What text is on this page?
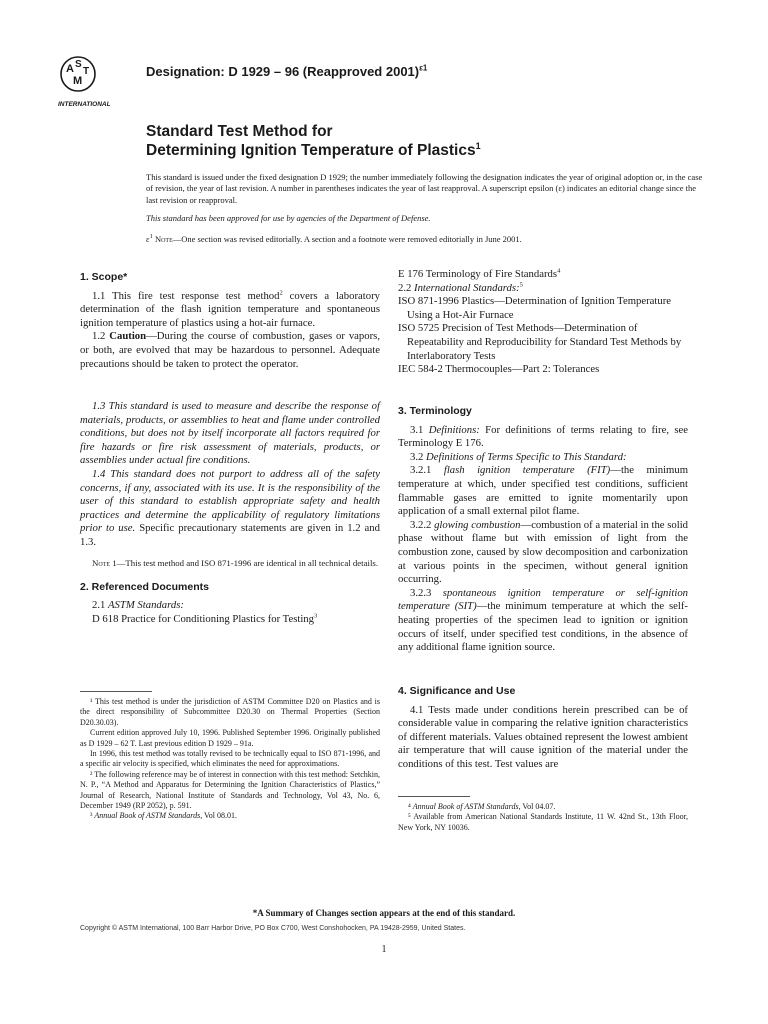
A S
T
M
INTERNATIONAL
Designation: D 1929 – 96 (Reapproved 2001)$^{\varepsilon 1}$
Standard Test Method for
Determining Ignition Temperature of Plastics$^1$
This standard is issued under the fixed designation D 1929; the number immediately following the designation indicates the year of original adoption or, in the case of revision, the year of last revision. A number in parentheses indicates the year of last reapproval. A superscript epsilon (ε) indicates an editorial change since the last revision or reapproval.
This standard has been approved for use by agencies of the Department of Defense.
$\varepsilon^1$ Note—One section was revised editorially. A section and a footnote were removed editorially in June 2001.
1. Scope*

1.1 This fire test response test method$^2$ covers a laboratory determination of the flash ignition temperature and spontaneous ignition temperature of plastics using a hot-air furnace.

1.2 Caution—During the course of combustion, gases or vapors, or both, are evolved that may be hazardous to personnel. Adequate precautions should be taken to protect the operator.

1.3 This standard is used to measure and describe the response of materials, products, or assemblies to heat and flame under controlled conditions, but does not by itself incorporate all factors required for fire hazards or fire risk assessment of materials, products, or assemblies under actual fire conditions.

1.4 This standard does not purport to address all of the safety concerns, if any, associated with its use. It is the responsibility of the user of this standard to establish appropriate safety and health practices and determine the applicability of regulatory limitations prior to use. Specific precautionary statements are given in 1.2 and 1.3.

Note 1—This test method and ISO 871-1996 are identical in all technical details.

2. Referenced Documents

2.1 ASTM Standards:

D 618 Practice for Conditioning Plastics for Testing$^3$

E 176 Terminology of Fire Standards$^4$

2.2 International Standards:$^5$

ISO 871-1996 Plastics—Determination of Ignition Temperature Using a Hot-Air Furnace

ISO 5725 Precision of Test Methods—Determination of Repeatability and Reproducibility for Standard Test Methods by Interlaboratory Tests

IEC 584-2 Thermocouples—Part 2: Tolerances

3. Terminology

3.1 Definitions: For definitions of terms relating to fire, see Terminology E 176.

3.2 Definitions of Terms Specific to This Standard:

3.2.1 flash ignition temperature (FIT)—the minimum temperature at which, under specified test conditions, sufficient flammable gases are emitted to ignite momentarily upon application of a small external pilot flame.

3.2.2 glowing combustion—combustion of a material in the solid phase without flame but with emission of light from the combustion zone, caused by slow decomposition and carbonization at various points in the specimen, without general ignition occurring.

3.2.3 spontaneous ignition temperature or self-ignition temperature (SIT)—the minimum temperature at which the self-heating properties of the specimen lead to ignition or ignition occurs of itself, under specified test conditions, in the absence of any additional flame ignition source.

4. Significance and Use

4.1 Tests made under conditions herein prescribed can be of considerable value in comparing the relative ignition characteristics of different materials. Values obtained represent the lowest ambient air temperature that will cause ignition of the material under the conditions of this test. Test values are

¹ This test method is under the jurisdiction of ASTM Committee D20 on Plastics and is the direct responsibility of Subcommittee D20.30 on Thermal Properties (Section D20.30.03).

Current edition approved July 10, 1996. Published September 1996. Originally published as D 1929 – 62 T. Last previous edition D 1929 – 91a.

In 1996, this test method was totally revised to be technically equal to ISO 871-1996, and a specific air velocity is specified, which eliminates the need for approximations.

² The following reference may be of interest in connection with this test method: Setchkin, N. P., “A Method and Apparatus for Determining the Ignition Characteristics of Plastics,” Journal of Research, National Institute of Standards and Technology, Vol 43, No. 6, December 1949 (RP 2052), p. 591.

³ Annual Book of ASTM Standards, Vol 08.01.

⁴ Annual Book of ASTM Standards, Vol 04.07.

⁵ Available from American National Standards Institute, 11 W. 42nd St., 13th Floor, New York, NY 10036.

*A Summary of Changes section appears at the end of this standard.
Copyright © ASTM International, 100 Barr Harbor Drive, PO Box C700, West Conshohocken, PA 19428-2959, United States.
1
